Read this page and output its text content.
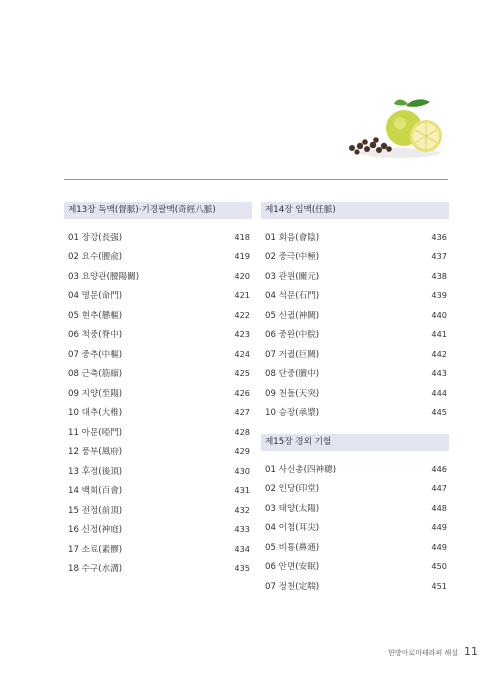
제13장 독맥(督脈)·기경팔맥(奇經八脈)
01 장강(長强)	418
02 요수(腰兪)	419
03 요양관(腰陽關)	420
04 명문(命門)	421
05 현추(懸樞)	422
06 척중(脊中)	423
07 중추(中樞)	424
08 근축(筋縮)	425
09 지양(至陽)	426
10 대추(大椎)	427
11 아문(啞門)	428
12 풍부(風府)	429
13 후정(後頂)	430
14 백회(百會)	431
15 전정(前頂)	432
16 신정(神庭)	433
17 소료(素髎)	434
18 수구(水溝)	435
제14장 임맥(任脈)
01 회음(會陰)	436
02 중극(中極)	437
03 관원(關元)	438
04 석문(石門)	439
05 신궐(神闕)	440
06 중완(中脘)	441
07 거궐(巨闕)	442
08 단중(膻中)	443
09 천돌(天突)	444
10 승장(承漿)	445
제15장 경외 기혈
01 사신총(四神聰)	446
02 인당(印堂)	447
03 태양(太陽)	448
04 이첨(耳尖)	449
05 비통(鼻通)	449
06 안면(安眠)	450
07 정천(定喘)	451
한방아로마테라피 해설 11
